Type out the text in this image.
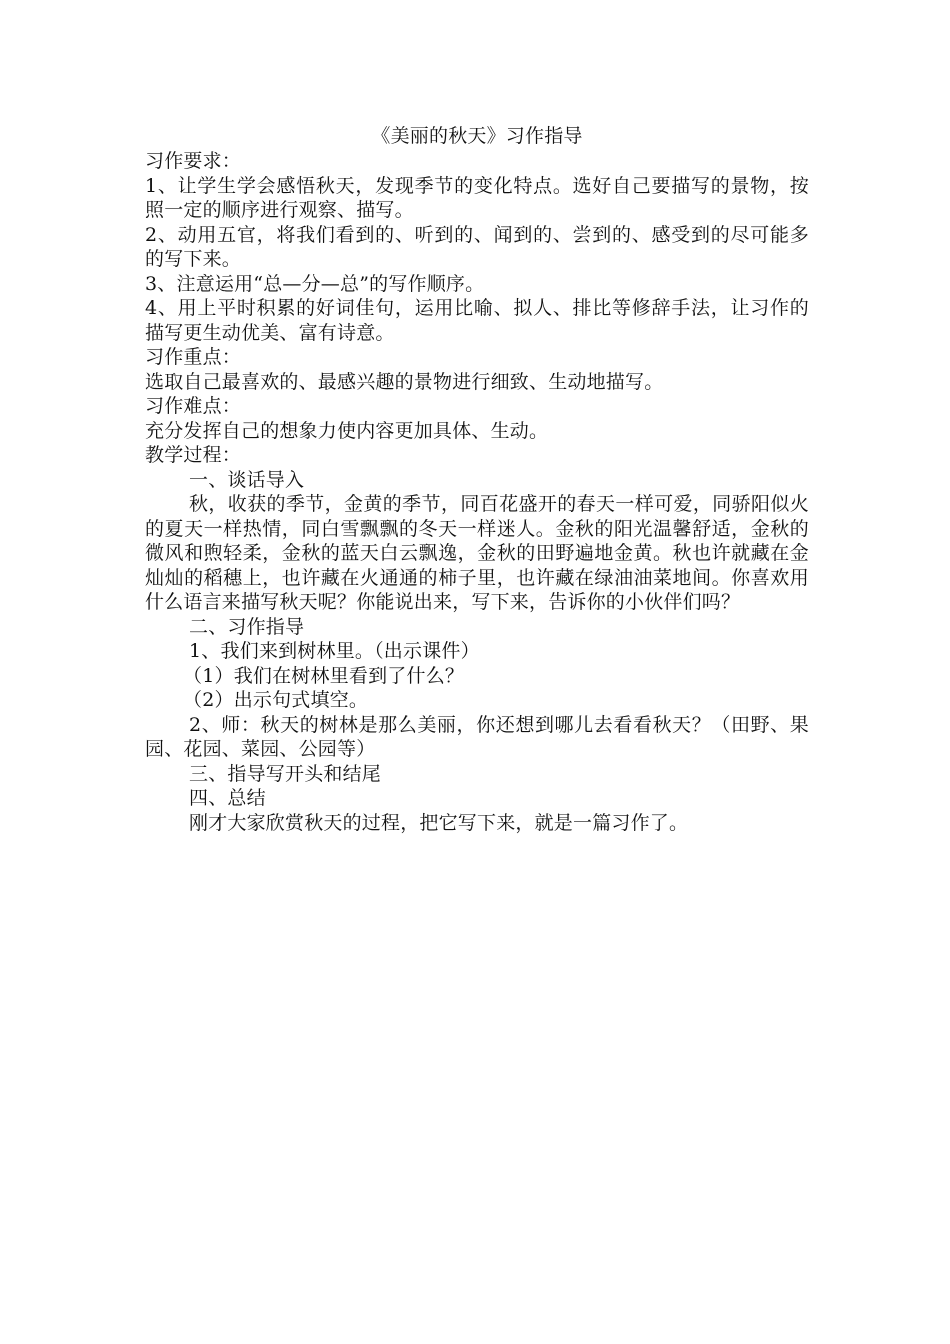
《美丽的秋天》习作指导
习作要求：
1、让学生学会感悟秋天，发现季节的变化特点。选好自己要描写的景物，按照一定的顺序进行观察、描写。
2、动用五官，将我们看到的、听到的、闻到的、尝到的、感受到的尽可能多的写下来。
3、注意运用“总—分—总”的写作顺序。
4、用上平时积累的好词佳句，运用比喻、拟人、排比等修辞手法，让习作的描写更生动优美、富有诗意。
习作重点：
选取自己最喜欢的、最感兴趣的景物进行细致、生动地描写。
习作难点：
充分发挥自己的想象力使内容更加具体、生动。
教学过程：
一、谈话导入
秋，收获的季节，金黄的季节，同百花盛开的春天一样可爱，同骄阳似火的夏天一样热情，同白雪飘飘的冬天一样迷人。金秋的阳光温馨舒适，金秋的微风和煦轻柔，金秋的蓝天白云飘逸，金秋的田野遍地金黄。秋也许就藏在金灿灿的稻穗上，也许藏在火通通的柿子里，也许藏在绿油油菜地间。你喜欢用什么语言来描写秋天呢？你能说出来，写下来，告诉你的小伙伴们吗？
二、习作指导
1、我们来到树林里。（出示课件）
（1）我们在树林里看到了什么？
（2）出示句式填空。
2、师：秋天的树林是那么美丽，你还想到哪儿去看看秋天？（田野、果园、花园、菜园、公园等）
三、指导写开头和结尾
四、总结
刚才大家欣赏秋天的过程，把它写下来，就是一篇习作了。
